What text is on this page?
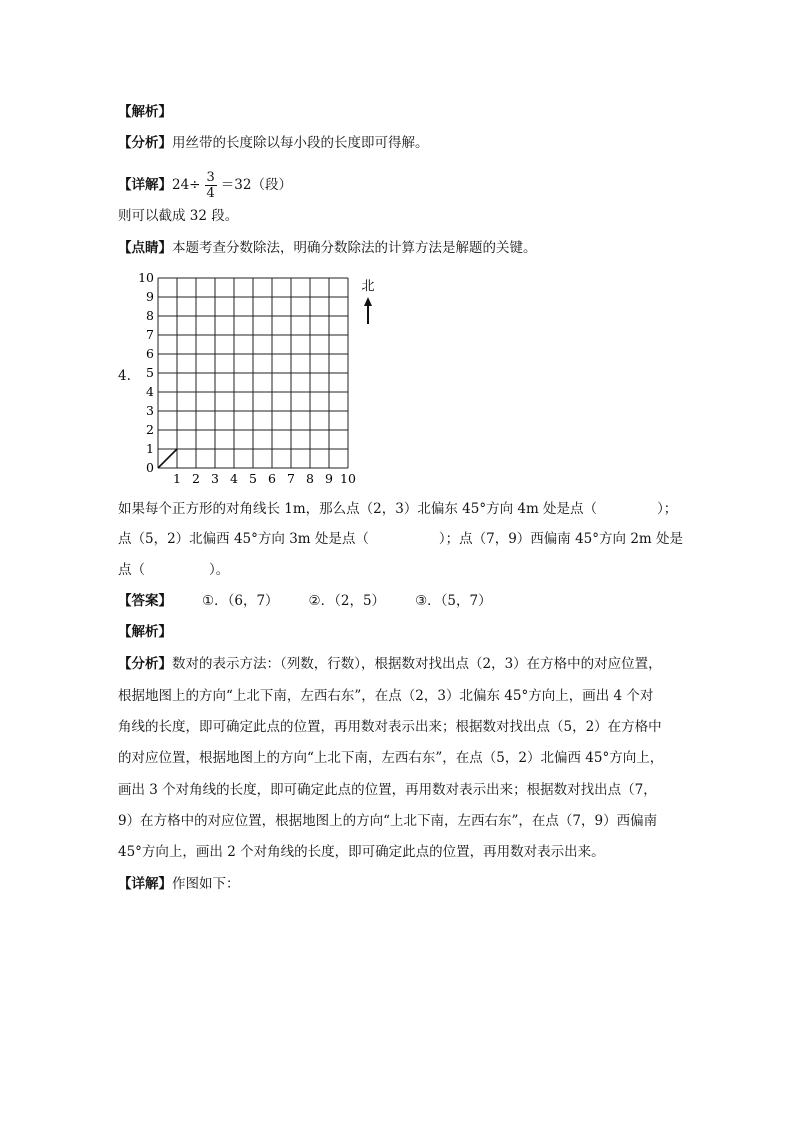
【解析】
【分析】用丝带的长度除以每小段的长度即可得解。
【详解】$24\div \frac{3}{4} =32$（段）
则可以截成 32 段。
【点睛】本题考查分数除法，明确分数除法的计算方法是解题的关键。
4.
1 2 3 4 5 6 7 8 9 10
0
1
2
3
4
5
6
7
8
9
10
北
如果每个正方形的对角线长 1m，那么点（2，3）北偏东 45°方向 4m 处是点（	）；
点（5，2）北偏西 45°方向 3m 处是点（	）；点（7，9）西偏南 45°方向 2m 处是
点（	）。
【答案】 ①．（6，7） ②．（2，5） ③．（5，7）
【解析】
【分析】数对的表示方法：（列数，行数），根据数对找出点（2，3）在方格中的对应位置，
根据地图上的方向“上北下南，左西右东”，在点（2，3）北偏东 45°方向上，画出 4 个对
角线的长度，即可确定此点的位置，再用数对表示出来；根据数对找出点（5，2）在方格中
的对应位置，根据地图上的方向“上北下南，左西右东”，在点（5，2）北偏西 45°方向上，
画出 3 个对角线的长度，即可确定此点的位置，再用数对表示出来；根据数对找出点（7，
9）在方格中的对应位置，根据地图上的方向“上北下南，左西右东”，在点（7，9）西偏南
45°方向上，画出 2 个对角线的长度，即可确定此点的位置，再用数对表示出来。
【详解】作图如下：
